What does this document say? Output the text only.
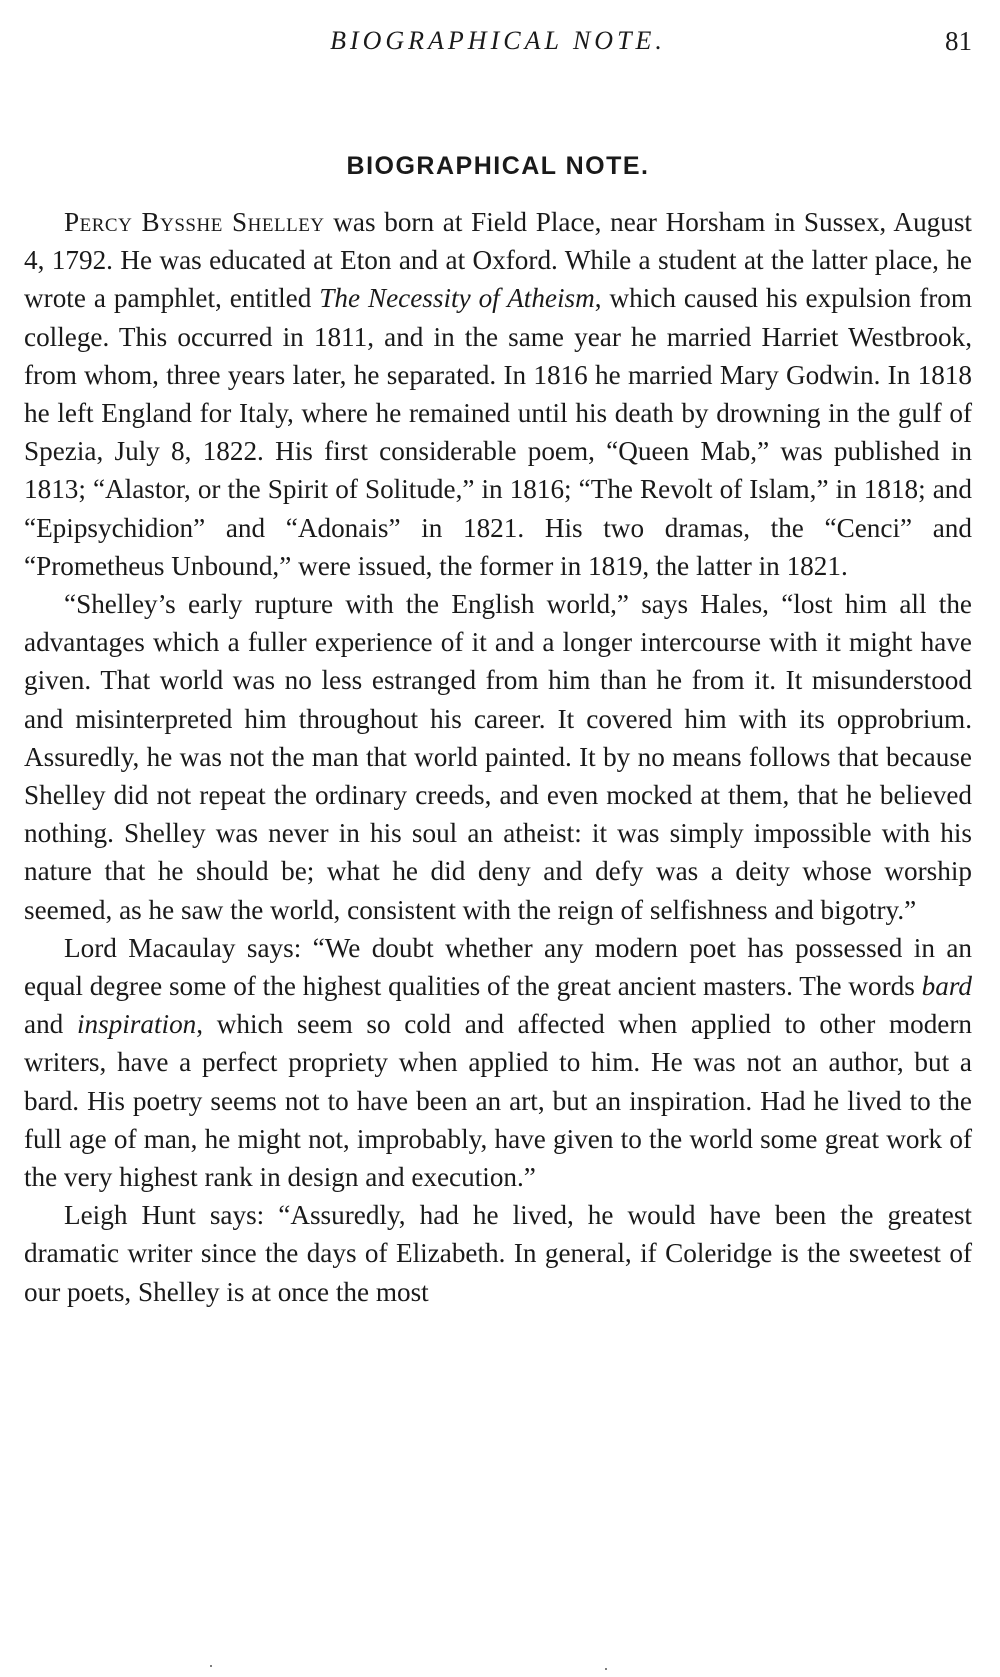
BIOGRAPHICAL NOTE.	81
BIOGRAPHICAL NOTE.

Percy Bysshe Shelley was born at Field Place, near Horsham in Sussex, August 4, 1792. He was educated at Eton and at Oxford. While a student at the latter place, he wrote a pamphlet, entitled The Necessity of Atheism, which caused his expulsion from college. This occurred in 1811, and in the same year he married Harriet Westbrook, from whom, three years later, he separated. In 1816 he married Mary Godwin. In 1818 he left England for Italy, where he remained until his death by drowning in the gulf of Spezia, July 8, 1822. His first considerable poem, “Queen Mab,” was published in 1813; “Alastor, or the Spirit of Solitude,” in 1816; “The Revolt of Islam,” in 1818; and “Epipsychidion” and “Adonais” in 1821. His two dramas, the “Cenci” and “Prometheus Unbound,” were issued, the former in 1819, the latter in 1821.

“Shelley’s early rupture with the English world,” says Hales, “lost him all the advantages which a fuller experience of it and a longer intercourse with it might have given. That world was no less estranged from him than he from it. It misunderstood and misinterpreted him throughout his career. It covered him with its opprobrium. Assuredly, he was not the man that world painted. It by no means follows that because Shelley did not repeat the ordinary creeds, and even mocked at them, that he believed nothing. Shelley was never in his soul an atheist: it was simply impossible with his nature that he should be; what he did deny and defy was a deity whose worship seemed, as he saw the world, consistent with the reign of selfishness and bigotry.”

Lord Macaulay says: “We doubt whether any modern poet has possessed in an equal degree some of the highest qualities of the great ancient masters. The words bard and inspiration, which seem so cold and affected when applied to other modern writers, have a perfect propriety when applied to him. He was not an author, but a bard. His poetry seems not to have been an art, but an inspiration. Had he lived to the full age of man, he might not, improbably, have given to the world some great work of the very highest rank in design and execution.”

Leigh Hunt says: “Assuredly, had he lived, he would have been the greatest dramatic writer since the days of Elizabeth. In general, if Coleridge is the sweetest of our poets, Shelley is at once the most
